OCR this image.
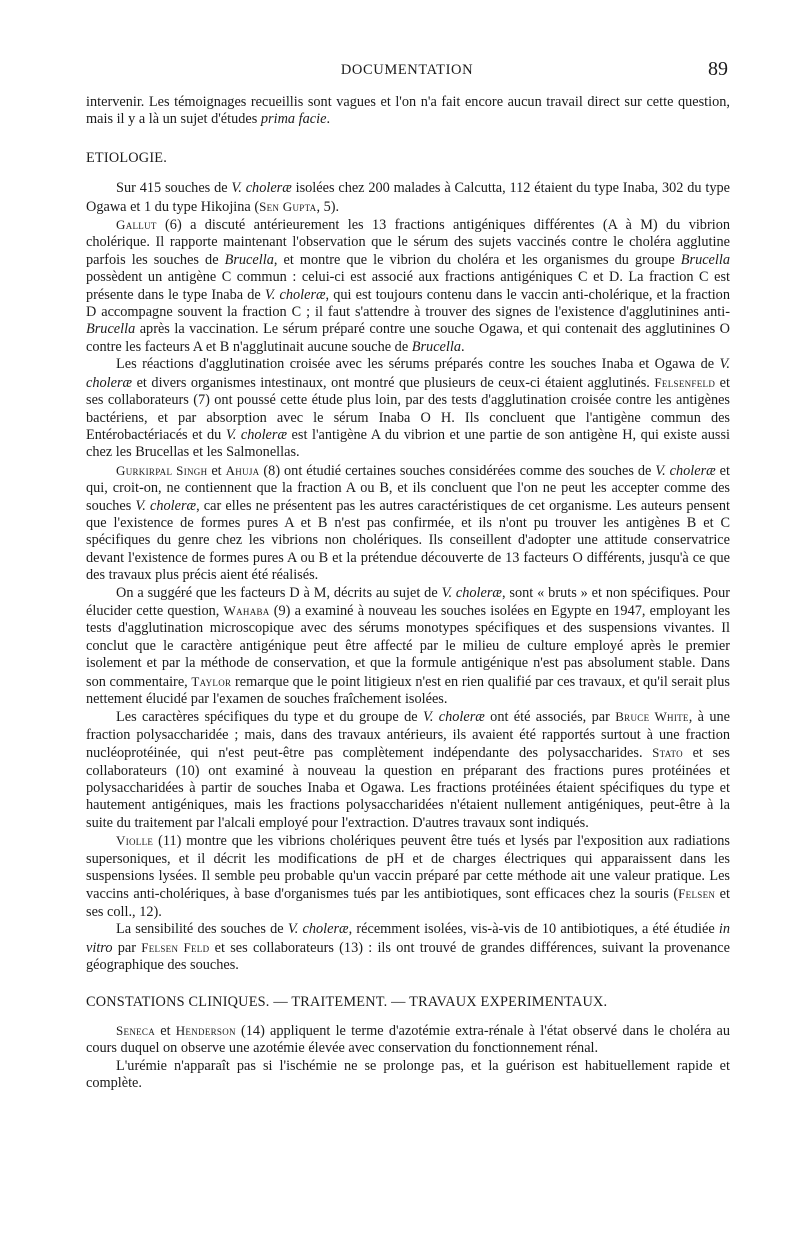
DOCUMENTATION	89

intervenir. Les témoignages recueillis sont vagues et l'on n'a fait encore aucun travail direct sur cette question, mais il y a là un sujet d'études prima facie.

ETIOLOGIE.

Sur 415 souches de V. choleræ isolées chez 200 malades à Calcutta, 112 étaient du type Inaba, 302 du type Ogawa et 1 du type Hikojina (Sen Gupta, 5).

Gallut (6) a discuté antérieurement les 13 fractions antigéniques différentes (A à M) du vibrion cholérique. Il rapporte maintenant l'observation que le sérum des sujets vaccinés contre le choléra agglutine parfois les souches de Brucella, et montre que le vibrion du choléra et les organismes du groupe Brucella possèdent un antigène C commun : celui-ci est associé aux fractions antigéniques C et D. La fraction C est présente dans le type Inaba de V. choleræ, qui est toujours contenu dans le vaccin anti-cholérique, et la fraction D accompagne souvent la fraction C ; il faut s'attendre à trouver des signes de l'existence d'agglutinines anti-Brucella après la vaccination. Le sérum préparé contre une souche Ogawa, et qui contenait des agglutinines O contre les facteurs A et B n'agglutinait aucune souche de Brucella.

Les réactions d'agglutination croisée avec les sérums préparés contre les souches Inaba et Ogawa de V. choleræ et divers organismes intestinaux, ont montré que plusieurs de ceux-ci étaient agglutinés. Felsenfeld et ses collaborateurs (7) ont poussé cette étude plus loin, par des tests d'agglutination croisée contre les antigènes bactériens, et par absorption avec le sérum Inaba O H. Ils concluent que l'antigène commun des Entérobactériacés et du V. choleræ est l'antigène A du vibrion et une partie de son antigène H, qui existe aussi chez les Brucellas et les Salmonellas.

Gurkirpal Singh et Ahuja (8) ont étudié certaines souches considérées comme des souches de V. choleræ et qui, croit-on, ne contiennent que la fraction A ou B, et ils concluent que l'on ne peut les accepter comme des souches V. choleræ, car elles ne présentent pas les autres caractéristiques de cet organisme. Les auteurs pensent que l'existence de formes pures A et B n'est pas confirmée, et ils n'ont pu trouver les antigènes B et C spécifiques du genre chez les vibrions non cholériques. Ils conseillent d'adopter une attitude conservatrice devant l'existence de formes pures A ou B et la prétendue découverte de 13 facteurs O différents, jusqu'à ce que des travaux plus précis aient été réalisés.

On a suggéré que les facteurs D à M, décrits au sujet de V. choleræ, sont « bruts » et non spécifiques. Pour élucider cette question, Wahaba (9) a examiné à nouveau les souches isolées en Egypte en 1947, employant les tests d'agglutination microscopique avec des sérums monotypes spécifiques et des suspensions vivantes. Il conclut que le caractère antigénique peut être affecté par le milieu de culture employé après le premier isolement et par la méthode de conservation, et que la formule antigénique n'est pas absolument stable. Dans son commentaire, Taylor remarque que le point litigieux n'est en rien qualifié par ces travaux, et qu'il serait plus nettement élucidé par l'examen de souches fraîchement isolées.

Les caractères spécifiques du type et du groupe de V. choleræ ont été associés, par Bruce White, à une fraction polysaccharidée ; mais, dans des travaux antérieurs, ils avaient été rapportés surtout à une fraction nucléoprotéinée, qui n'est peut-être pas complètement indépendante des polysaccharides. Stato et ses collaborateurs (10) ont examiné à nouveau la question en préparant des fractions pures protéinées et polysaccharidées à partir de souches Inaba et Ogawa. Les fractions protéinées étaient spécifiques du type et hautement antigéniques, mais les fractions polysaccharidées n'étaient nullement antigéniques, peut-être à la suite du traitement par l'alcali employé pour l'extraction. D'autres travaux sont indiqués.

Violle (11) montre que les vibrions cholériques peuvent être tués et lysés par l'exposition aux radiations supersoniques, et il décrit les modifications de pH et de charges électriques qui apparaissent dans les suspensions lysées. Il semble peu probable qu'un vaccin préparé par cette méthode ait une valeur pratique. Les vaccins anti-cholériques, à base d'organismes tués par les antibiotiques, sont efficaces chez la souris (Felsen et ses coll., 12).

La sensibilité des souches de V. choleræ, récemment isolées, vis-à-vis de 10 antibiotiques, a été étudiée in vitro par Felsen Feld et ses collaborateurs (13) : ils ont trouvé de grandes différences, suivant la provenance géographique des souches.

CONSTATIONS CLINIQUES. — TRAITEMENT. — TRAVAUX EXPERIMENTAUX.

Seneca et Henderson (14) appliquent le terme d'azotémie extra-rénale à l'état observé dans le choléra au cours duquel on observe une azotémie élevée avec conservation du fonctionnement rénal.

L'urémie n'apparaît pas si l'ischémie ne se prolonge pas, et la guérison est habituellement rapide et complète.
